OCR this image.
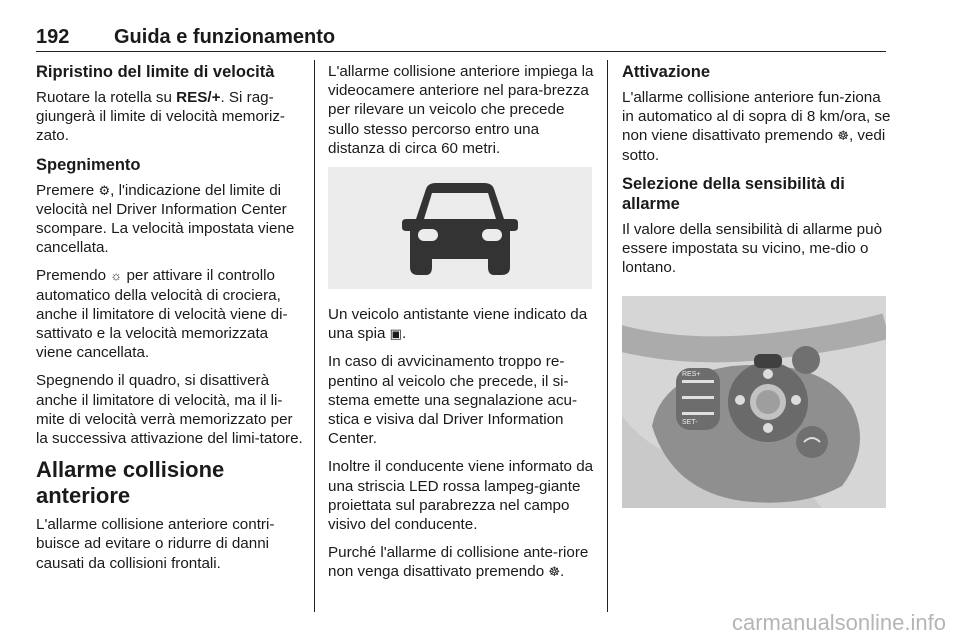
192 Guida e funzionamento
Ripristino del limite di velocità

Ruotare la rotella su RES/+. Si rag-giungerà il limite di velocità memoriz-zato.

Spegnimento

Premere ⚙, l'indicazione del limite di velocità nel Driver Information Center scompare. La velocità impostata viene cancellata.

Premendo ☼ per attivare il controllo automatico della velocità di crociera, anche il limitatore di velocità viene di-sattivato e la velocità memorizzata viene cancellata.

Spegnendo il quadro, si disattiverà anche il limitatore di velocità, ma il li-mite di velocità verrà memorizzato per la successiva attivazione del limi-tatore.

Allarme collisione anteriore

L'allarme collisione anteriore contri-buisce ad evitare o ridurre di danni causati da collisioni frontali.

L'allarme collisione anteriore impiega la videocamere anteriore nel para-brezza per rilevare un veicolo che precede sullo stesso percorso entro una distanza di circa 60 metri.

Un veicolo antistante viene indicato da una spia ▣.

In caso di avvicinamento troppo re-pentino al veicolo che precede, il si-stema emette una segnalazione acu-stica e visiva dal Driver Information Center.

Inoltre il conducente viene informato da una striscia LED rossa lampeg-giante proiettata sul parabrezza nel campo visivo del conducente.

Purché l'allarme di collisione ante-riore non venga disattivato premendo ☸.

Attivazione

L'allarme collisione anteriore fun-ziona in automatico al di sopra di 8 km/ora, se non viene disattivato premendo ☸, vedi sotto.

Selezione della sensibilità di allarme

Il valore della sensibilità di allarme può essere impostata su vicino, me-dio o lontano.

RES+
SET-
carmanualsonline.info
